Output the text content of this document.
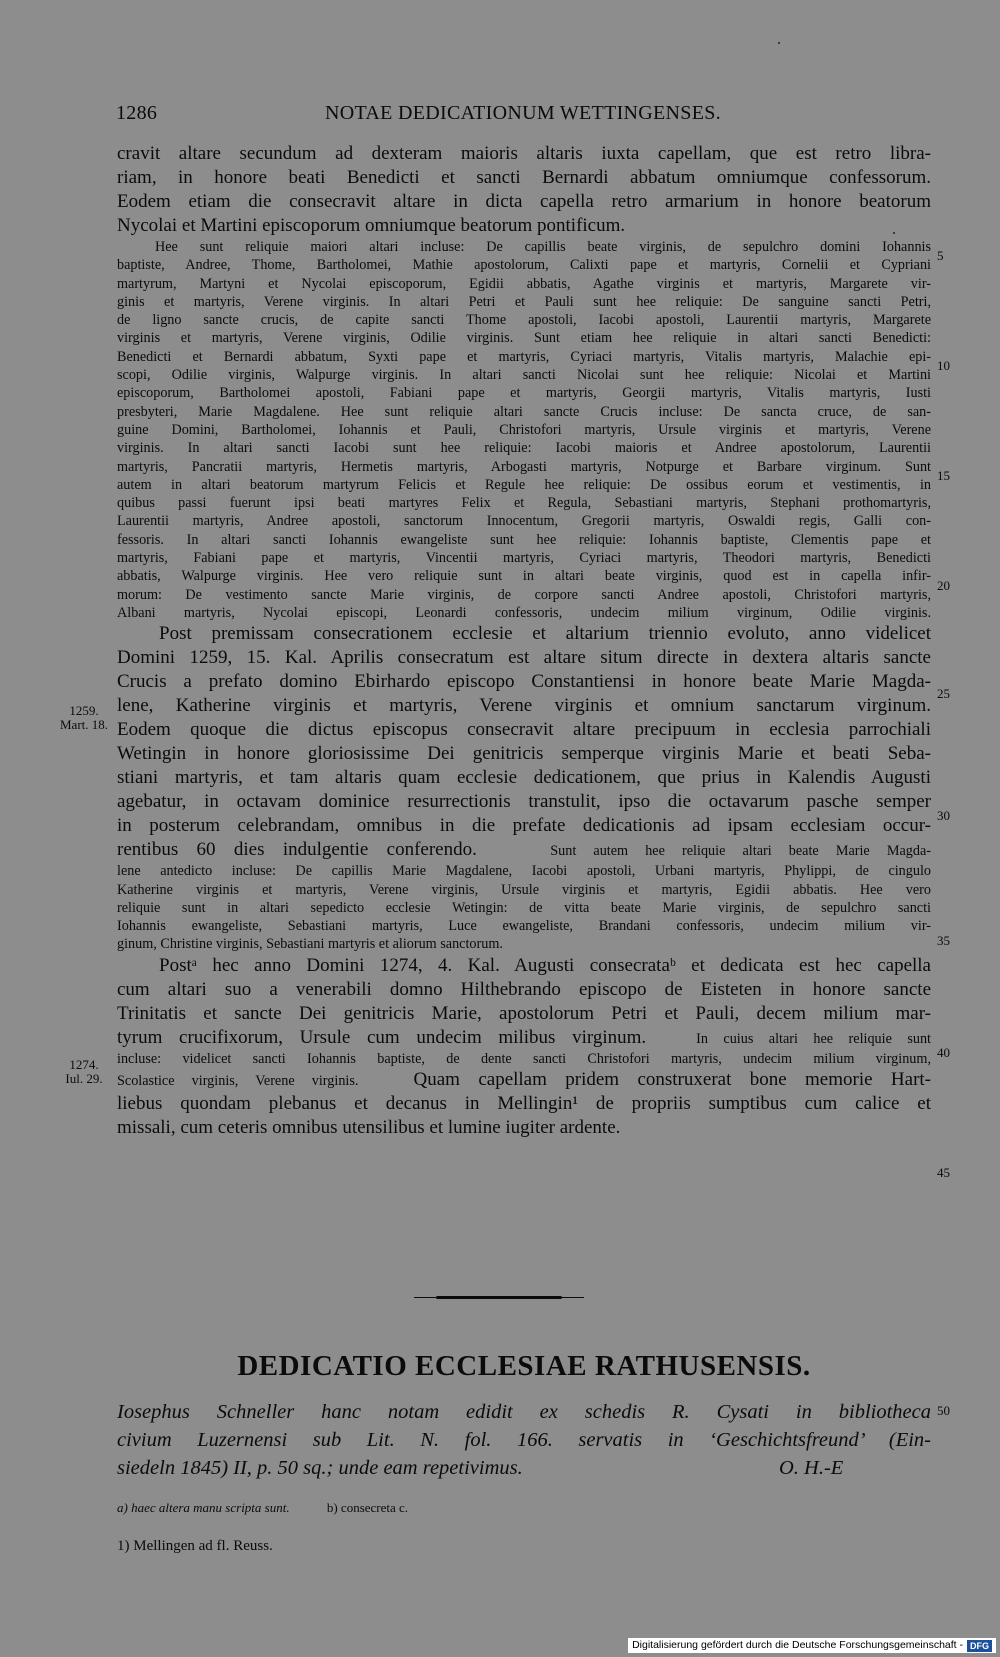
1286	NOTAE DEDICATIONUM WETTINGENSES.
cravit altare secundum ad dexteram maioris altaris iuxta capellam, que est retro libra-
riam, in honore beati Benedicti et sancti Bernardi abbatum omniumque confessorum.
Eodem etiam die consecravit altare in dicta capella retro armarium in honore beatorum
Nycolai et Martini episcoporum omniumque beatorum pontificum.
Hee sunt reliquie maiori altari incluse: De capillis beate virginis, de sepulchro domini Iohannis
baptiste, Andree, Thome, Bartholomei, Mathie apostolorum, Calixti pape et martyris, Cornelii et Cypriani
martyrum, Martyni et Nycolai episcoporum, Egidii abbatis, Agathe virginis et martyris, Margarete vir-
ginis et martyris, Verene virginis. In altari Petri et Pauli sunt hee reliquie: De sanguine sancti Petri,
de ligno sancte crucis, de capite sancti Thome apostoli, Iacobi apostoli, Laurentii martyris, Margarete
virginis et martyris, Verene virginis, Odilie virginis. Sunt etiam hee reliquie in altari sancti Benedicti:
Benedicti et Bernardi abbatum, Syxti pape et martyris, Cyriaci martyris, Vitalis martyris, Malachie epi-
scopi, Odilie virginis, Walpurge virginis. In altari sancti Nicolai sunt hee reliquie: Nicolai et Martini
episcoporum, Bartholomei apostoli, Fabiani pape et martyris, Georgii martyris, Vitalis martyris, Iusti
presbyteri, Marie Magdalene. Hee sunt reliquie altari sancte Crucis incluse: De sancta cruce, de san-
guine Domini, Bartholomei, Iohannis et Pauli, Christofori martyris, Ursule virginis et martyris, Verene
virginis. In altari sancti Iacobi sunt hee reliquie: Iacobi maioris et Andree apostolorum, Laurentii
martyris, Pancratii martyris, Hermetis martyris, Arbogasti martyris, Notpurge et Barbare virginum. Sunt
autem in altari beatorum martyrum Felicis et Regule hee reliquie: De ossibus eorum et vestimentis, in
quibus passi fuerunt ipsi beati martyres Felix et Regula, Sebastiani martyris, Stephani prothomartyris,
Laurentii martyris, Andree apostoli, sanctorum Innocentum, Gregorii martyris, Oswaldi regis, Galli con-
fessoris. In altari sancti Iohannis ewangeliste sunt hee reliquie: Iohannis baptiste, Clementis pape et
martyris, Fabiani pape et martyris, Vincentii martyris, Cyriaci martyris, Theodori martyris, Benedicti
abbatis, Walpurge virginis. Hee vero reliquie sunt in altari beate virginis, quod est in capella infir-
morum: De vestimento sancte Marie virginis, de corpore sancti Andree apostoli, Christofori martyris,
Albani martyris, Nycolai episcopi, Leonardi confessoris, undecim milium virginum, Odilie virginis.
Post premissam consecrationem ecclesie et altarium triennio evoluto, anno videlicet
Domini 1259, 15. Kal. Aprilis consecratum est altare situm directe in dextera altaris sancte
Crucis a prefato domino Ebirhardo episcopo Constantiensi in honore beate Marie Magda-
lene, Katherine virginis et martyris, Verene virginis et omnium sanctarum virginum.
Eodem quoque die dictus episcopus consecravit altare precipuum in ecclesia parrochiali
Wetingin in honore gloriosissime Dei genitricis semperque virginis Marie et beati Seba-
stiani martyris, et tam altaris quam ecclesie dedicationem, que prius in Kalendis Augusti
agebatur, in octavam dominice resurrectionis transtulit, ipso die octavarum pasche semper
in posterum celebrandam, omnibus in die prefate dedicationis ad ipsam ecclesiam occur-
rentibus 60 dies indulgentie conferendo.	Sunt autem hee reliquie altari beate Marie Magda-
lene antedicto incluse: De capillis Marie Magdalene, Iacobi apostoli, Urbani martyris, Phylippi, de cingulo
Katherine virginis et martyris, Verene virginis, Ursule virginis et martyris, Egidii abbatis. Hee vero
reliquie sunt in altari sepedicto ecclesie Wetingin: de vitta beate Marie virginis, de sepulchro sancti
Iohannis ewangeliste, Sebastiani martyris, Luce ewangeliste, Brandani confessoris, undecim milium vir-
ginum, Christine virginis, Sebastiani martyris et aliorum sanctorum.
Postᵃ hec anno Domini 1274, 4. Kal. Augusti consecrataᵇ et dedicata est hec capella
cum altari suo a venerabili domno Hilthebrando episcopo de Eisteten in honore sancte
Trinitatis et sancte Dei genitricis Marie, apostolorum Petri et Pauli, decem milium mar-
tyrum crucifixorum, Ursule cum undecim milibus virginum.	In cuius altari hee reliquie sunt
incluse: videlicet sancti Iohannis baptiste, de dente sancti Christofori martyris, undecim milium virginum,
Scolastice virginis, Verene virginis.	Quam capellam pridem construxerat bone memorie Hart-
liebus quondam plebanus et decanus in Mellingin¹ de propriis sumptibus cum calice et
missali, cum ceteris omnibus utensilibus et lumine iugiter ardente.
5
10
15
20
25
30
35
40
45
50
1259.
Mart. 18.
1274.
Iul. 29.
DEDICATIO ECCLESIAE RATHUSENSIS.
Iosephus Schneller hanc notam edidit ex schedis R. Cysati in bibliotheca
civium Luzernensi sub Lit. N. fol. 166. servatis in ‘Geschichtsfreund’ (Ein-
siedeln 1845) II, p. 50 sq.; unde eam repetivimus.	O. H.-E
a) haec altera manu scripta sunt.	b) consecreta c.
1) Mellingen ad fl. Reuss.
Digitalisierung gefördert durch die Deutsche Forschungsgemeinschaft - DFG
